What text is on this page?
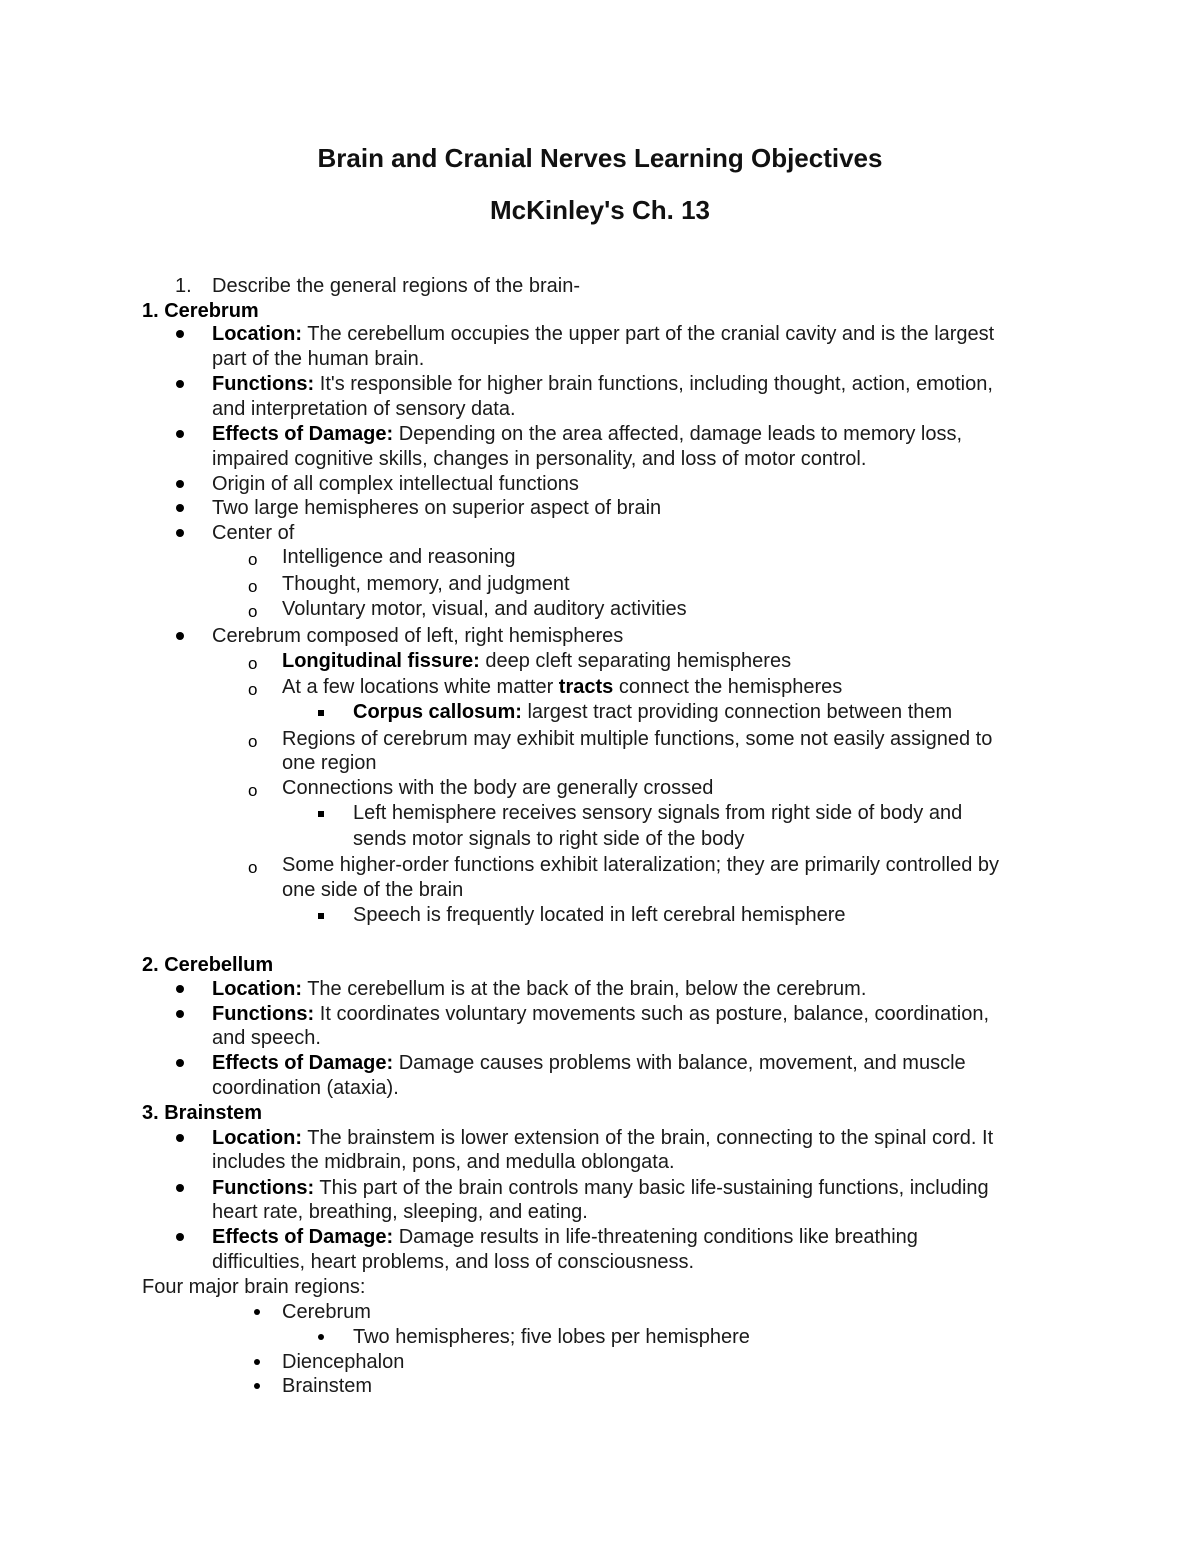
Brain and Cranial Nerves Learning Objectives
McKinley's Ch. 13
1. Describe the general regions of the brain-
1. Cerebrum
Location: The cerebellum occupies the upper part of the cranial cavity and is the largest
part of the human brain.
Functions: It's responsible for higher brain functions, including thought, action, emotion,
and interpretation of sensory data.
Effects of Damage: Depending on the area affected, damage leads to memory loss,
impaired cognitive skills, changes in personality, and loss of motor control.
Origin of all complex intellectual functions
Two large hemispheres on superior aspect of brain
Center of
o Intelligence and reasoning
o Thought, memory, and judgment
o Voluntary motor, visual, and auditory activities
Cerebrum composed of left, right hemispheres
o Longitudinal fissure: deep cleft separating hemispheres
o At a few locations white matter tracts connect the hemispheres
Corpus callosum: largest tract providing connection between them
o Regions of cerebrum may exhibit multiple functions, some not easily assigned to
one region
o Connections with the body are generally crossed
Left hemisphere receives sensory signals from right side of body and
sends motor signals to right side of the body
o Some higher-order functions exhibit lateralization; they are primarily controlled by
one side of the brain
Speech is frequently located in left cerebral hemisphere
2. Cerebellum
Location: The cerebellum is at the back of the brain, below the cerebrum.
Functions: It coordinates voluntary movements such as posture, balance, coordination,
and speech.
Effects of Damage: Damage causes problems with balance, movement, and muscle
coordination (ataxia).
3. Brainstem
Location: The brainstem is lower extension of the brain, connecting to the spinal cord. It
includes the midbrain, pons, and medulla oblongata.
Functions: This part of the brain controls many basic life-sustaining functions, including
heart rate, breathing, sleeping, and eating.
Effects of Damage: Damage results in life-threatening conditions like breathing
difficulties, heart problems, and loss of consciousness.
Four major brain regions:
Cerebrum
Two hemispheres; five lobes per hemisphere
Diencephalon
Brainstem
